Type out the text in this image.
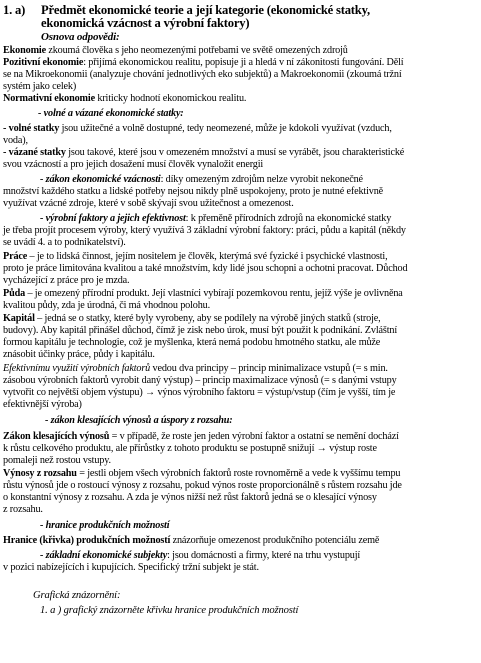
1. a) Předmět ekonomické teorie a její kategorie (ekonomické statky,
ekonomická vzácnost a výrobní faktory)
Osnova odpovědi:
Ekonomie zkoumá člověka s jeho neomezenými potřebami ve světě omezených zdrojů
Pozitivní ekonomie: přijímá ekonomickou realitu, popisuje ji a hledá v ní zákonitosti fungování. Dělí
se na Mikroekonomii (analyzuje chování jednotlivých eko subjektů) a Makroekonomii (zkoumá tržní
systém jako celek)
Normativní ekonomie kriticky hodnotí ekonomickou realitu.
- volné a vázané ekonomické statky:
- volné statky jsou užitečné a volně dostupné, tedy neomezené, může je kdokoli využívat (vzduch,
voda),
- vázané statky jsou takové, které jsou v omezeném množství a musí se vyrábět, jsou charakteristické
svou vzácností a pro jejich dosažení musí člověk vynaložit energii
- zákon ekonomické vzácnosti: díky omezeným zdrojům nelze vyrobit nekonečné
množství každého statku a lidské potřeby nejsou nikdy plně uspokojeny, proto je nutné efektivně
využívat vzácné zdroje, které v sobě skývají svou užitečnost a omezenost.
- výrobní faktory a jejich efektivnost: k přeměně přírodních zdrojů na ekonomické statky
je třeba projít procesem výroby, který využívá 3 základní výrobní faktory: práci, půdu a kapitál (někdy
se uvádí 4. a to podnikatelství).
Práce – je to lidská činnost, jejím nositelem je člověk, kterýmá své fyzické i psychické vlastnosti,
proto je práce limitována kvalitou a také množstvím, kdy lidé jsou schopni a ochotni pracovat. Důchod
vycházející z práce pro je mzda.
Půda – je omezený přírodní produkt. Její vlastníci vybírají pozemkovou rentu, jejíž výše je ovlivněna
kvalitou půdy, zda je úrodná, či má vhodnou polohu.
Kapitál – jedná se o statky, které byly vyrobeny, aby se podílely na výrobě jiných statků (stroje,
budovy). Aby kapitál přinášel důchod, čímž je zisk nebo úrok, musí být použit k podnikání. Zvláštní
formou kapitálu je technologie, což je myšlenka, která nemá podobu hmotného statku, ale může
znásobit účinky práce, půdy i kapitálu.
Efektivnímu využití výrobních faktorů vedou dva principy – princip minimalizace vstupů (= s min.
zásobou výrobních faktorů vyrobit daný výstup) – princip maximalizace výnosů (= s danými vstupy
vytvořit co největší objem výstupu) → výnos výrobního faktoru = výstup/vstup (čím je vyšší, tím je
efektivnější výroba)
- zákon klesajících výnosů a úspory z rozsahu:
Zákon klesajících výnosů = v případě, že roste jen jeden výrobní faktor a ostatní se nemění dochází
k růstu celkového produktu, ale přírůstky z tohoto produktu se postupně snižují → výstup roste
pomaleji než rostou vstupy.
Výnosy z rozsahu = jestli objem všech výrobních faktorů roste rovnoměrně a vede k vyššímu tempu
růstu výnosů jde o rostoucí výnosy z rozsahu, pokud výnos roste proporcionálně s růstem rozsahu jde
o konstantní výnosy z rozsahu. A zda je výnos nižší než růst faktorů jedná se o klesající výnosy
z rozsahu.
- hranice produkčních možností
Hranice (křivka) produkčních možností znázorňuje omezenost produkčního potenciálu země
- základní ekonomické subjekty: jsou domácnosti a firmy, které na trhu vystupují
v pozici nabízejících i kupujících. Specifický tržní subjekt je stát.
Grafická znázornění:
1. a ) grafický znázorněte křivku hranice produkčních možností
